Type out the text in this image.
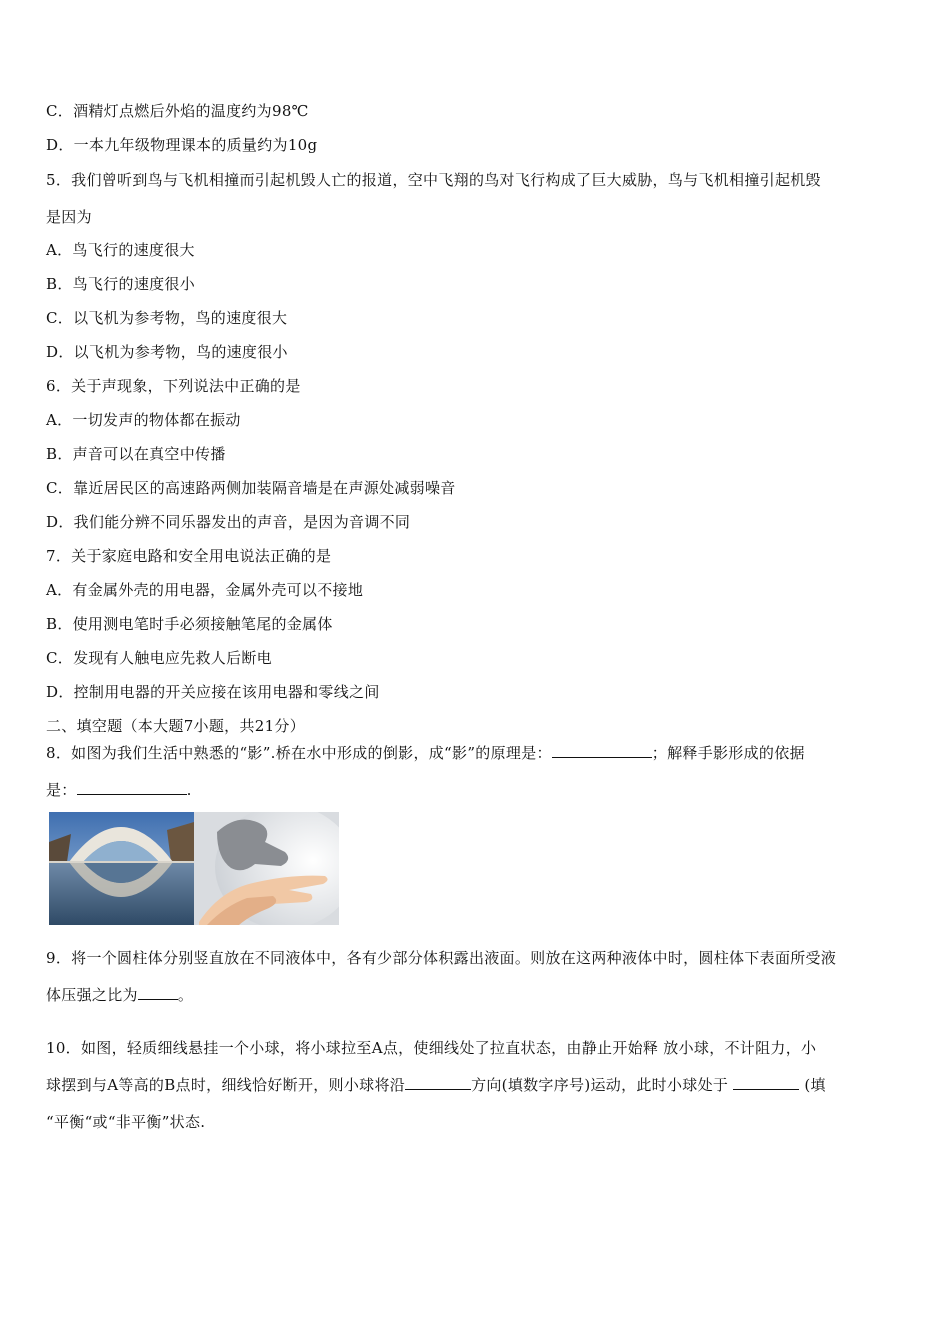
C．酒精灯点燃后外焰的温度约为98℃
D．一本九年级物理课本的质量约为10g
5．我们曾听到鸟与飞机相撞而引起机毁人亡的报道，空中飞翔的鸟对飞行构成了巨大威胁，鸟与飞机相撞引起机毁
是因为
A．鸟飞行的速度很大
B．鸟飞行的速度很小
C．以飞机为参考物，鸟的速度很大
D．以飞机为参考物，鸟的速度很小
6．关于声现象，下列说法中正确的是
A．一切发声的物体都在振动
B．声音可以在真空中传播
C．靠近居民区的高速路两侧加装隔音墙是在声源处减弱噪音
D．我们能分辨不同乐器发出的声音，是因为音调不同
7．关于家庭电路和安全用电说法正确的是
A．有金属外壳的用电器，金属外壳可以不接地
B．使用测电笔时手必须接触笔尾的金属体
C．发现有人触电应先救人后断电
D．控制用电器的开关应接在该用电器和零线之间
二、填空题（本大题7小题，共21分）
8．如图为我们生活中熟悉的“影”.桥在水中形成的倒影，成“影”的原理是：	；解释手影形成的依据
是：	.
9．将一个圆柱体分别竖直放在不同液体中，各有少部分体积露出液面。则放在这两种液体中时，圆柱体下表面所受液
体压强之比为	。
10．如图，轻质细线悬挂一个小球，将小球拉至A点，使细线处了拉直状态，由静止开始释 放小球，不计阻力，小
球摆到与A等高的B点时，细线恰好断开，则小球将沿	方向(填数字序号)运动，此时小球处于	(填
“平衡“或“非平衡”状态.
